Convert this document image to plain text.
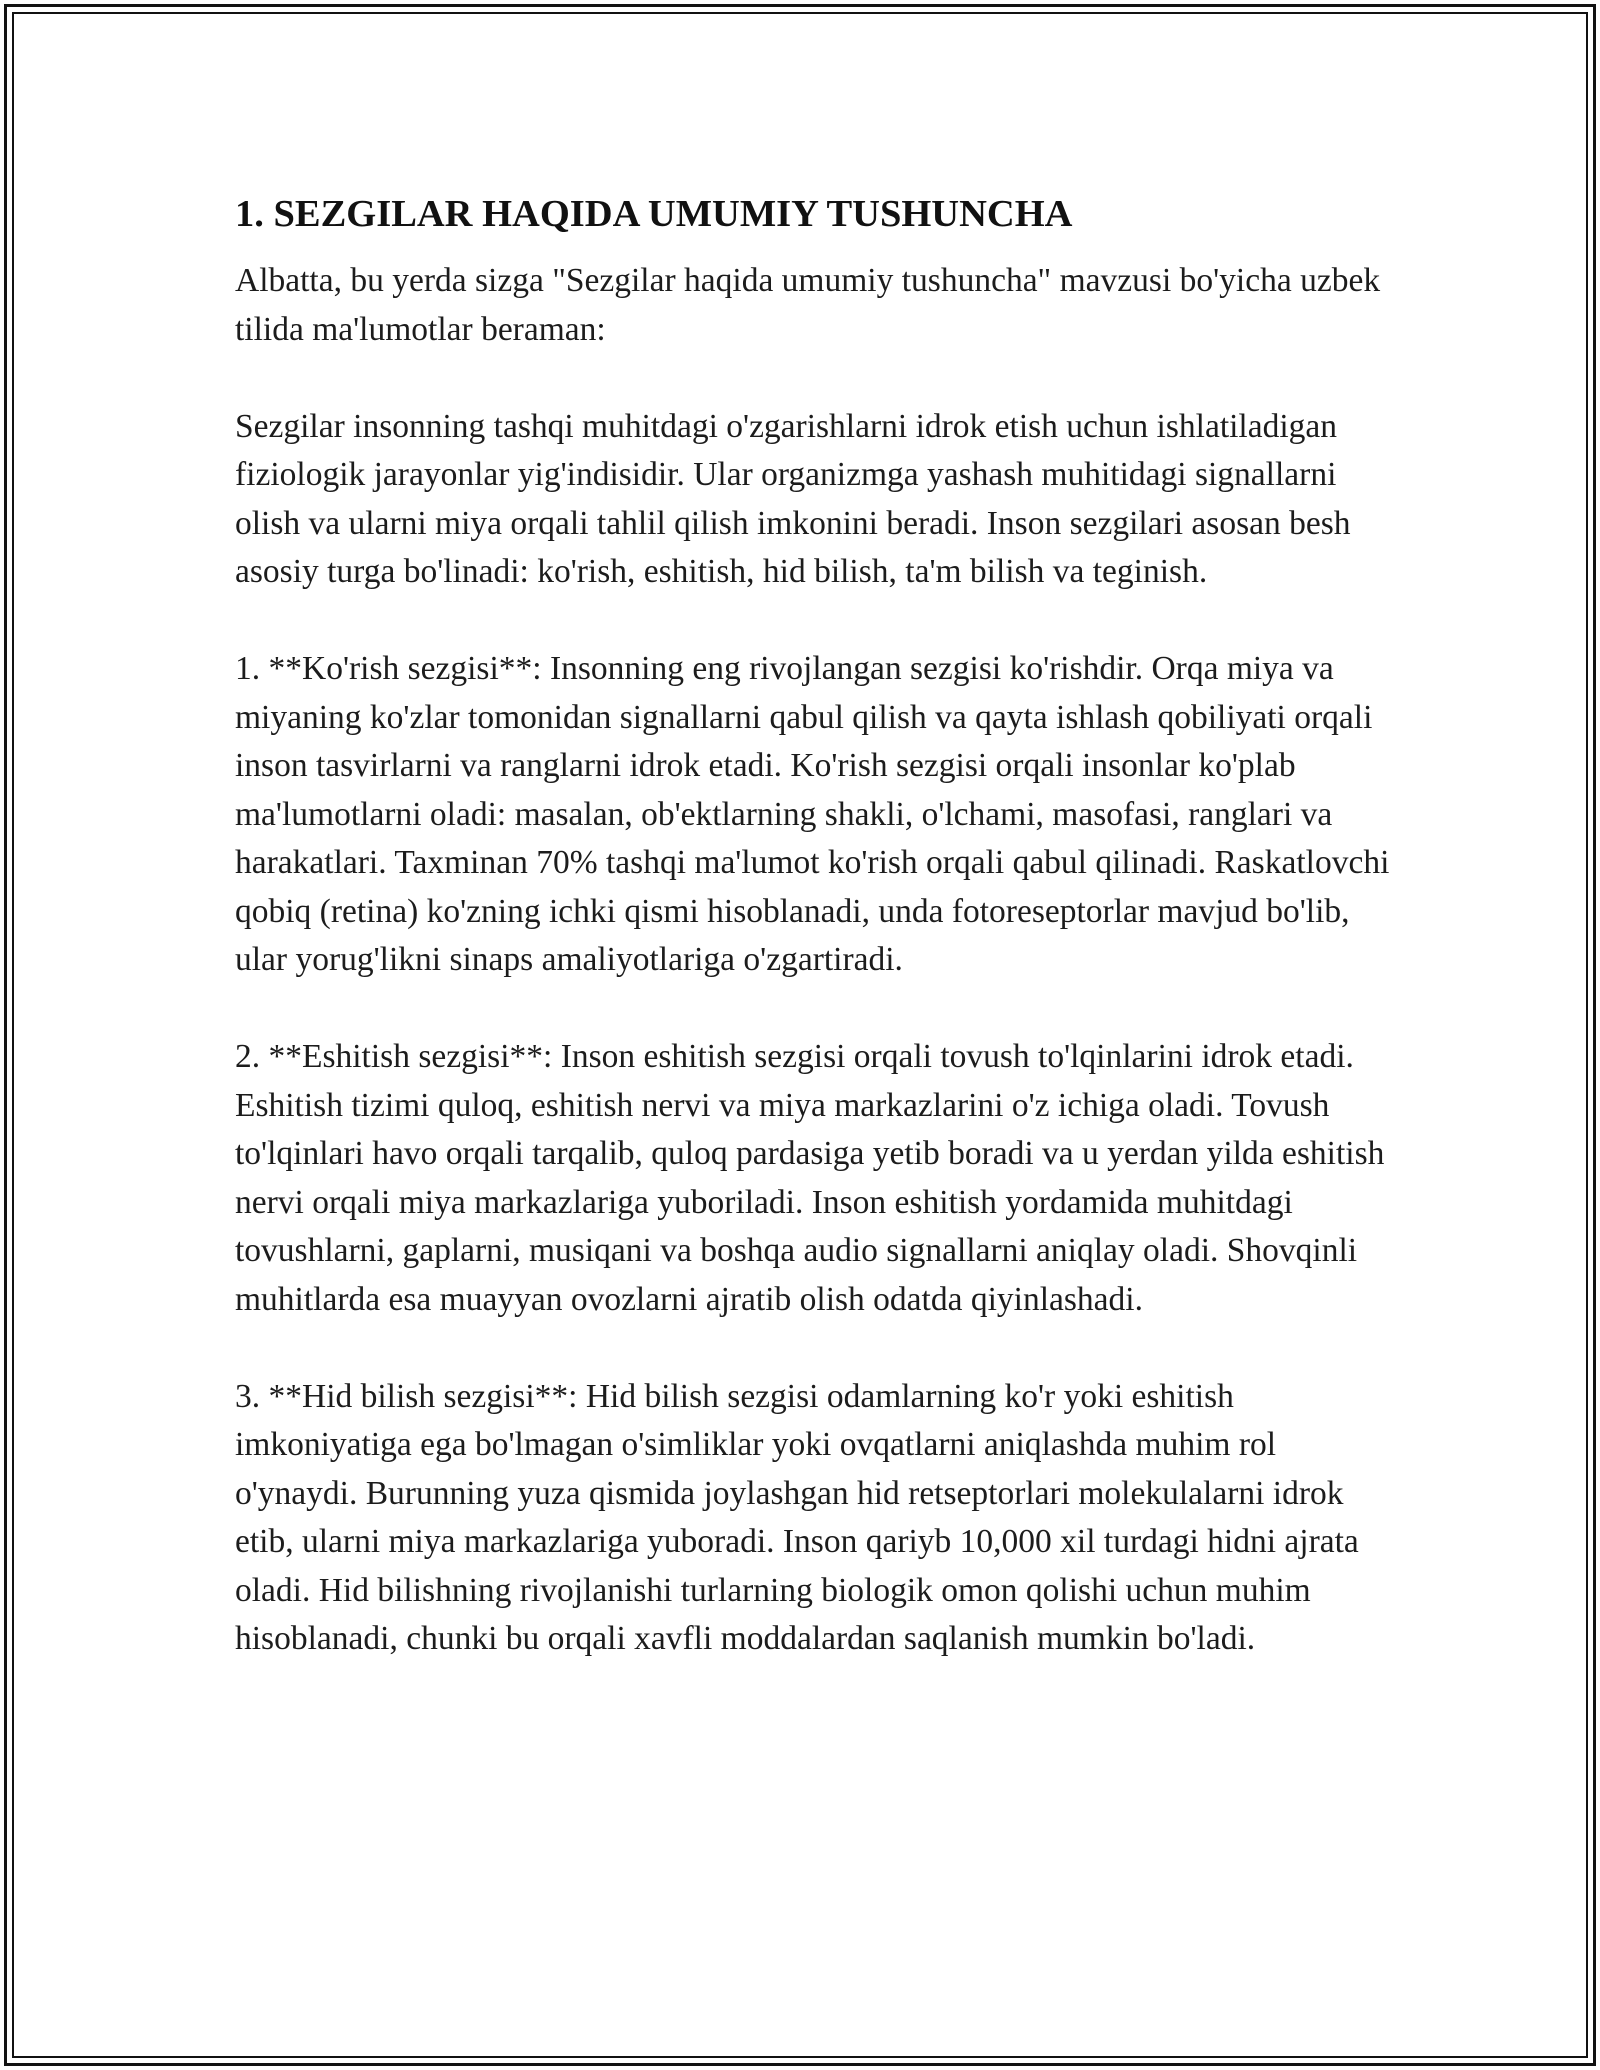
1. SEZGILAR HAQIDA UMUMIY TUSHUNCHA

Albatta, bu yerda sizga "Sezgilar haqida umumiy tushuncha" mavzusi bo'yicha uzbek tilida ma'lumotlar beraman:

Sezgilar insonning tashqi muhitdagi o'zgarishlarni idrok etish uchun ishlatiladigan fiziologik jarayonlar yig'indisidir. Ular organizmga yashash muhitidagi signallarni olish va ularni miya orqali tahlil qilish imkonini beradi. Inson sezgilari asosan besh asosiy turga bo'linadi: ko'rish, eshitish, hid bilish, ta'm bilish va teginish.

1. **Ko'rish sezgisi**: Insonning eng rivojlangan sezgisi ko'rishdir. Orqa miya va miyaning ko'zlar tomonidan signallarni qabul qilish va qayta ishlash qobiliyati orqali inson tasvirlarni va ranglarni idrok etadi. Ko'rish sezgisi orqali insonlar ko'plab ma'lumotlarni oladi: masalan, ob'ektlarning shakli, o'lchami, masofasi, ranglari va harakatlari. Taxminan 70% tashqi ma'lumot ko'rish orqali qabul qilinadi. Raskatlovchi qobiq (retina) ko'zning ichki qismi hisoblanadi, unda fotoreseptorlar mavjud bo'lib, ular yorug'likni sinaps amaliyotlariga o'zgartiradi.

2. **Eshitish sezgisi**: Inson eshitish sezgisi orqali tovush to'lqinlarini idrok etadi. Eshitish tizimi quloq, eshitish nervi va miya markazlarini o'z ichiga oladi. Tovush to'lqinlari havo orqali tarqalib, quloq pardasiga yetib boradi va u yerdan yilda eshitish nervi orqali miya markazlariga yuboriladi. Inson eshitish yordamida muhitdagi tovushlarni, gaplarni, musiqani va boshqa audio signallarni aniqlay oladi. Shovqinli muhitlarda esa muayyan ovozlarni ajratib olish odatda qiyinlashadi.

3. **Hid bilish sezgisi**: Hid bilish sezgisi odamlarning ko'r yoki eshitish imkoniyatiga ega bo'lmagan o'simliklar yoki ovqatlarni aniqlashda muhim rol o'ynaydi. Burunning yuza qismida joylashgan hid retseptorlari molekulalarni idrok etib, ularni miya markazlariga yuboradi. Inson qariyb 10,000 xil turdagi hidni ajrata oladi. Hid bilishning rivojlanishi turlarning biologik omon qolishi uchun muhim hisoblanadi, chunki bu orqali xavfli moddalardan saqlanish mumkin bo'ladi.
